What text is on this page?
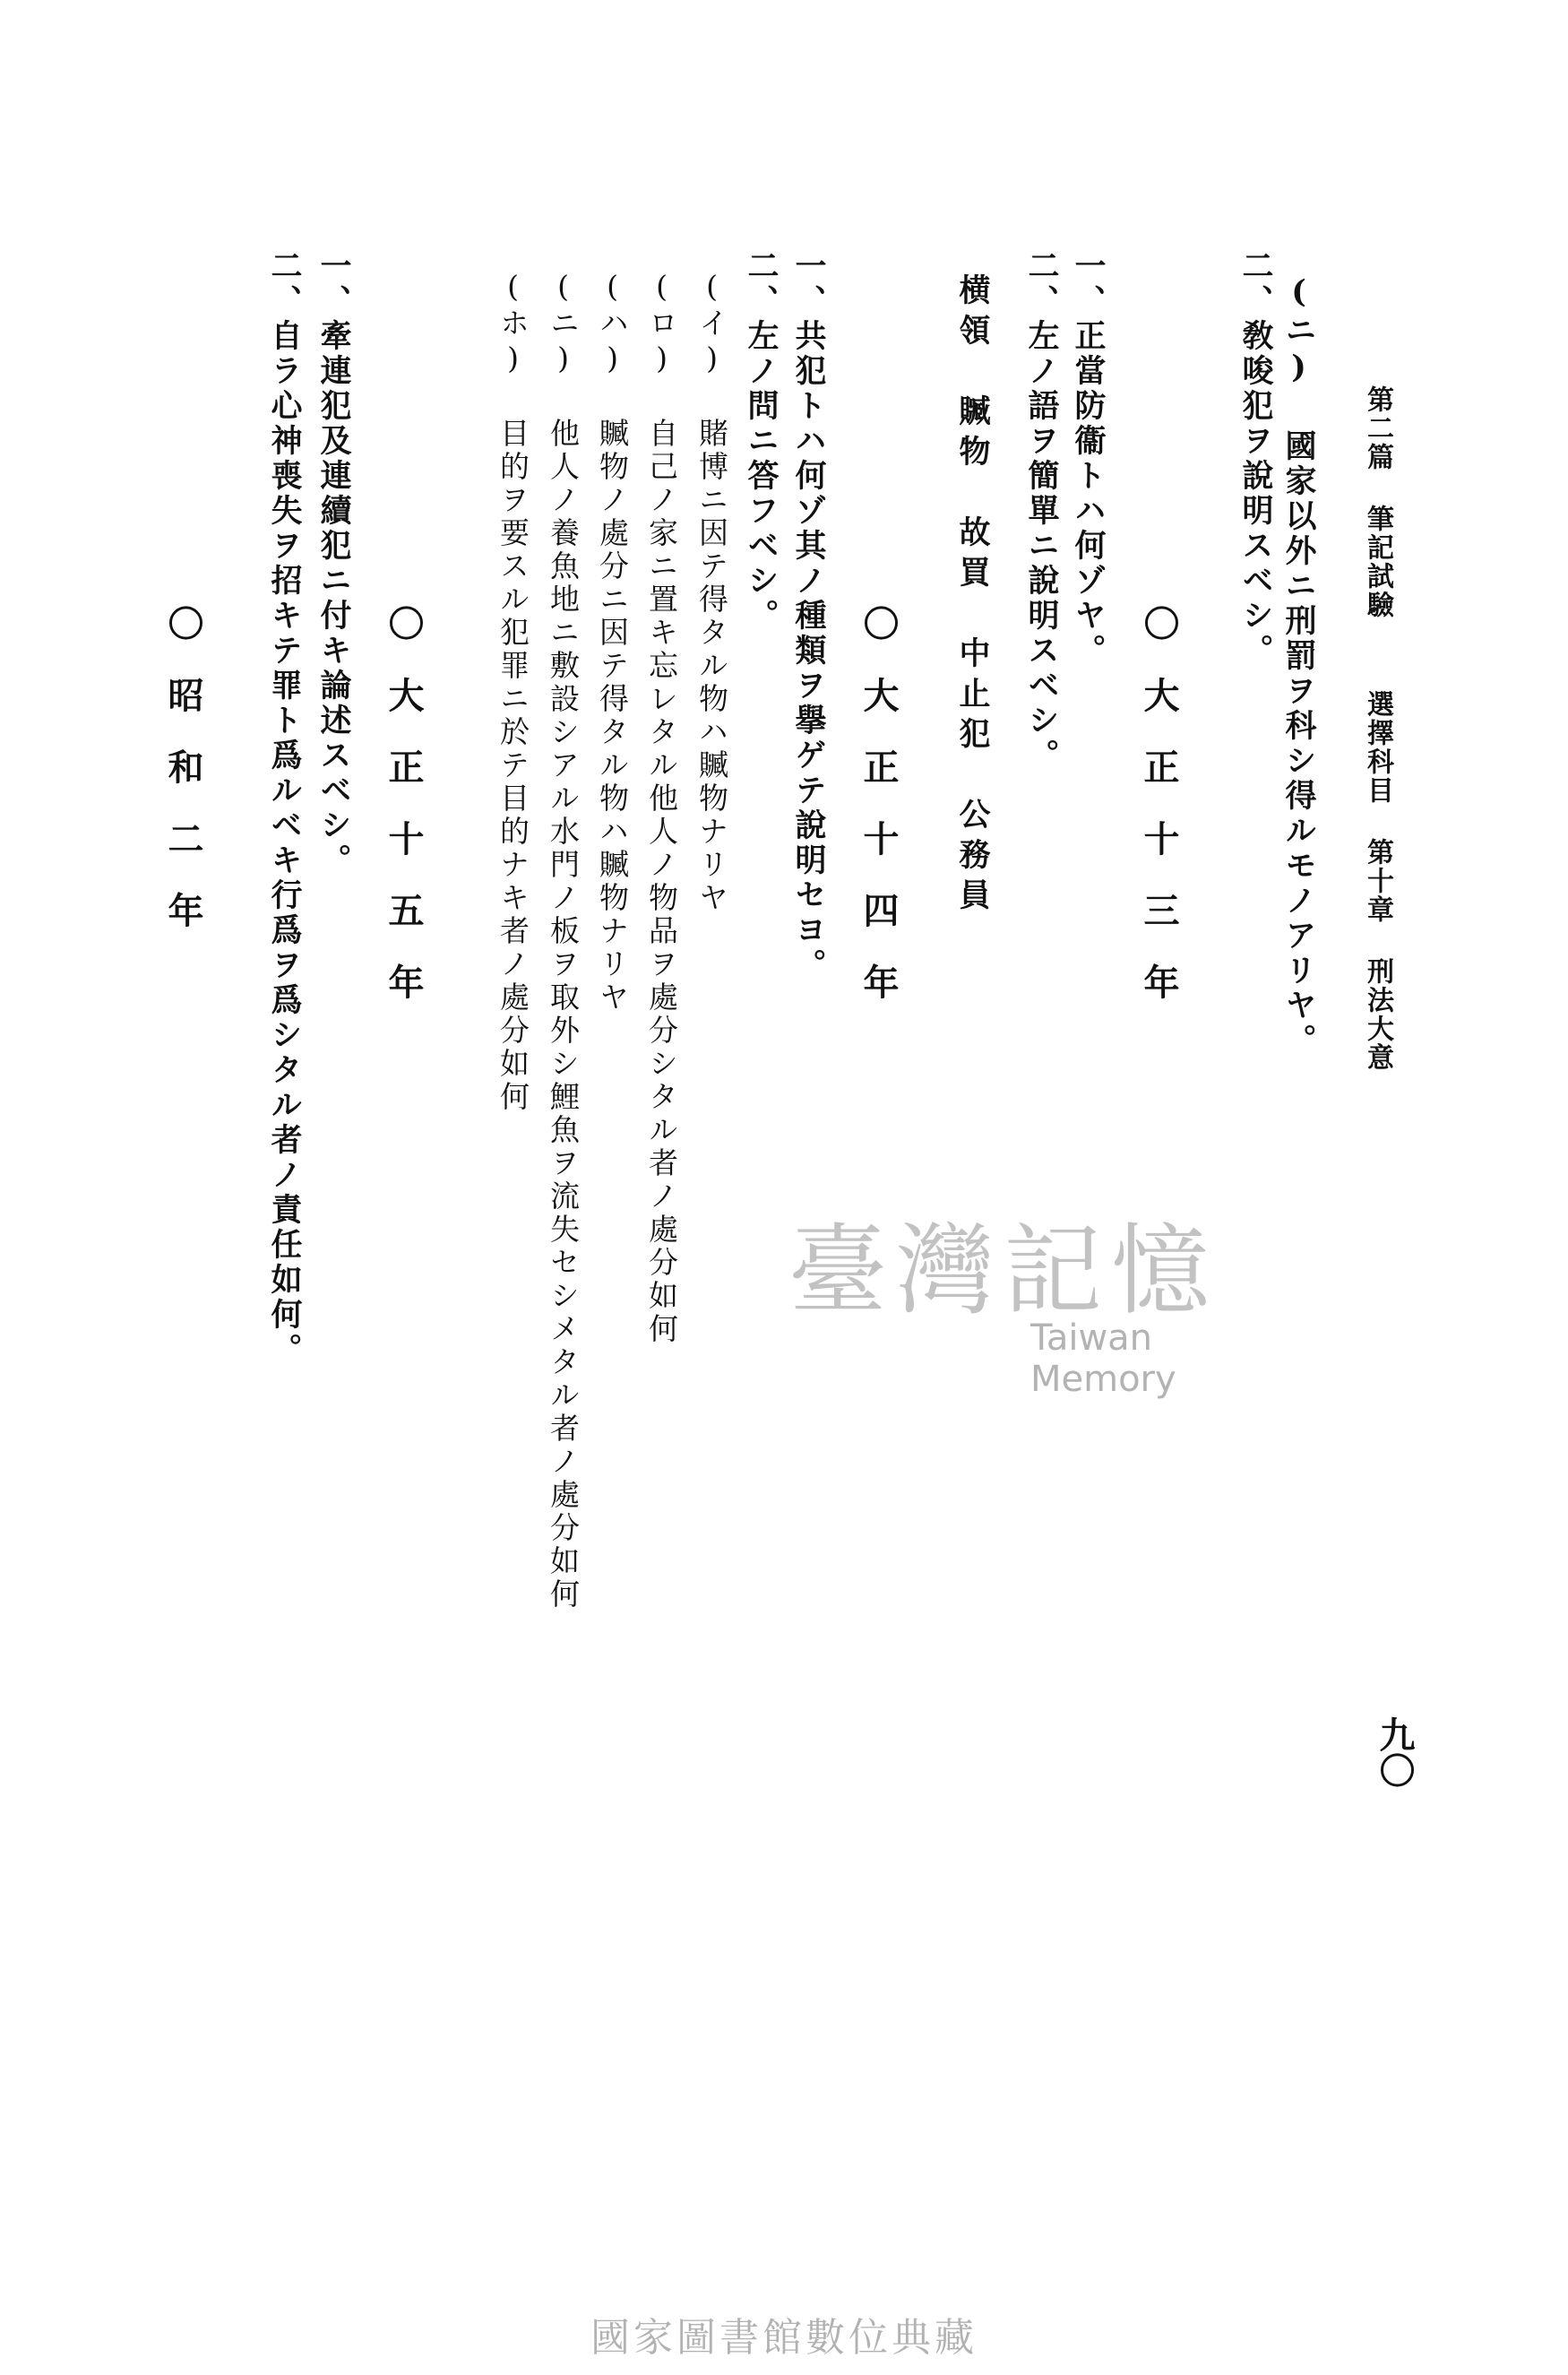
第二篇 筆記試驗
選擇科目 第十章 刑法大意
九〇
(ニ) 國家以外ニ刑罰ヲ科シ得ルモノアリヤ。
二、敎唆犯ヲ說明スベシ。
〇大正十三年
一、正當防衞トハ何ゾヤ。
二、左ノ語ヲ簡單ニ說明スベシ。
横領　贓物　故買　中止犯　公務員
〇大正十四年
一、共犯トハ何ゾ其ノ種類ヲ擧ゲテ說明セヨ。
二、左ノ問ニ答フベシ。
(イ) 賭博ニ因テ得タル物ハ贓物ナリヤ
(ロ) 自己ノ家ニ置キ忘レタル他人ノ物品ヲ處分シタル者ノ處分如何
(ハ) 贓物ノ處分ニ因テ得タル物ハ贓物ナリヤ
(ニ) 他人ノ養魚地ニ敷設シアル水門ノ板ヲ取外シ鯉魚ヲ流失セシメタル者ノ處分如何
(ホ) 目的ヲ要スル犯罪ニ於テ目的ナキ者ノ處分如何
〇大正十五年
一、牽連犯及連續犯ニ付キ論述スベシ。
二、自ラ心神喪失ヲ招キテ罪ト爲ルベキ行爲ヲ爲シタル者ノ責任如何。
〇昭和二年
臺灣記憶
Taiwan Memory
國家圖書館數位典藏
